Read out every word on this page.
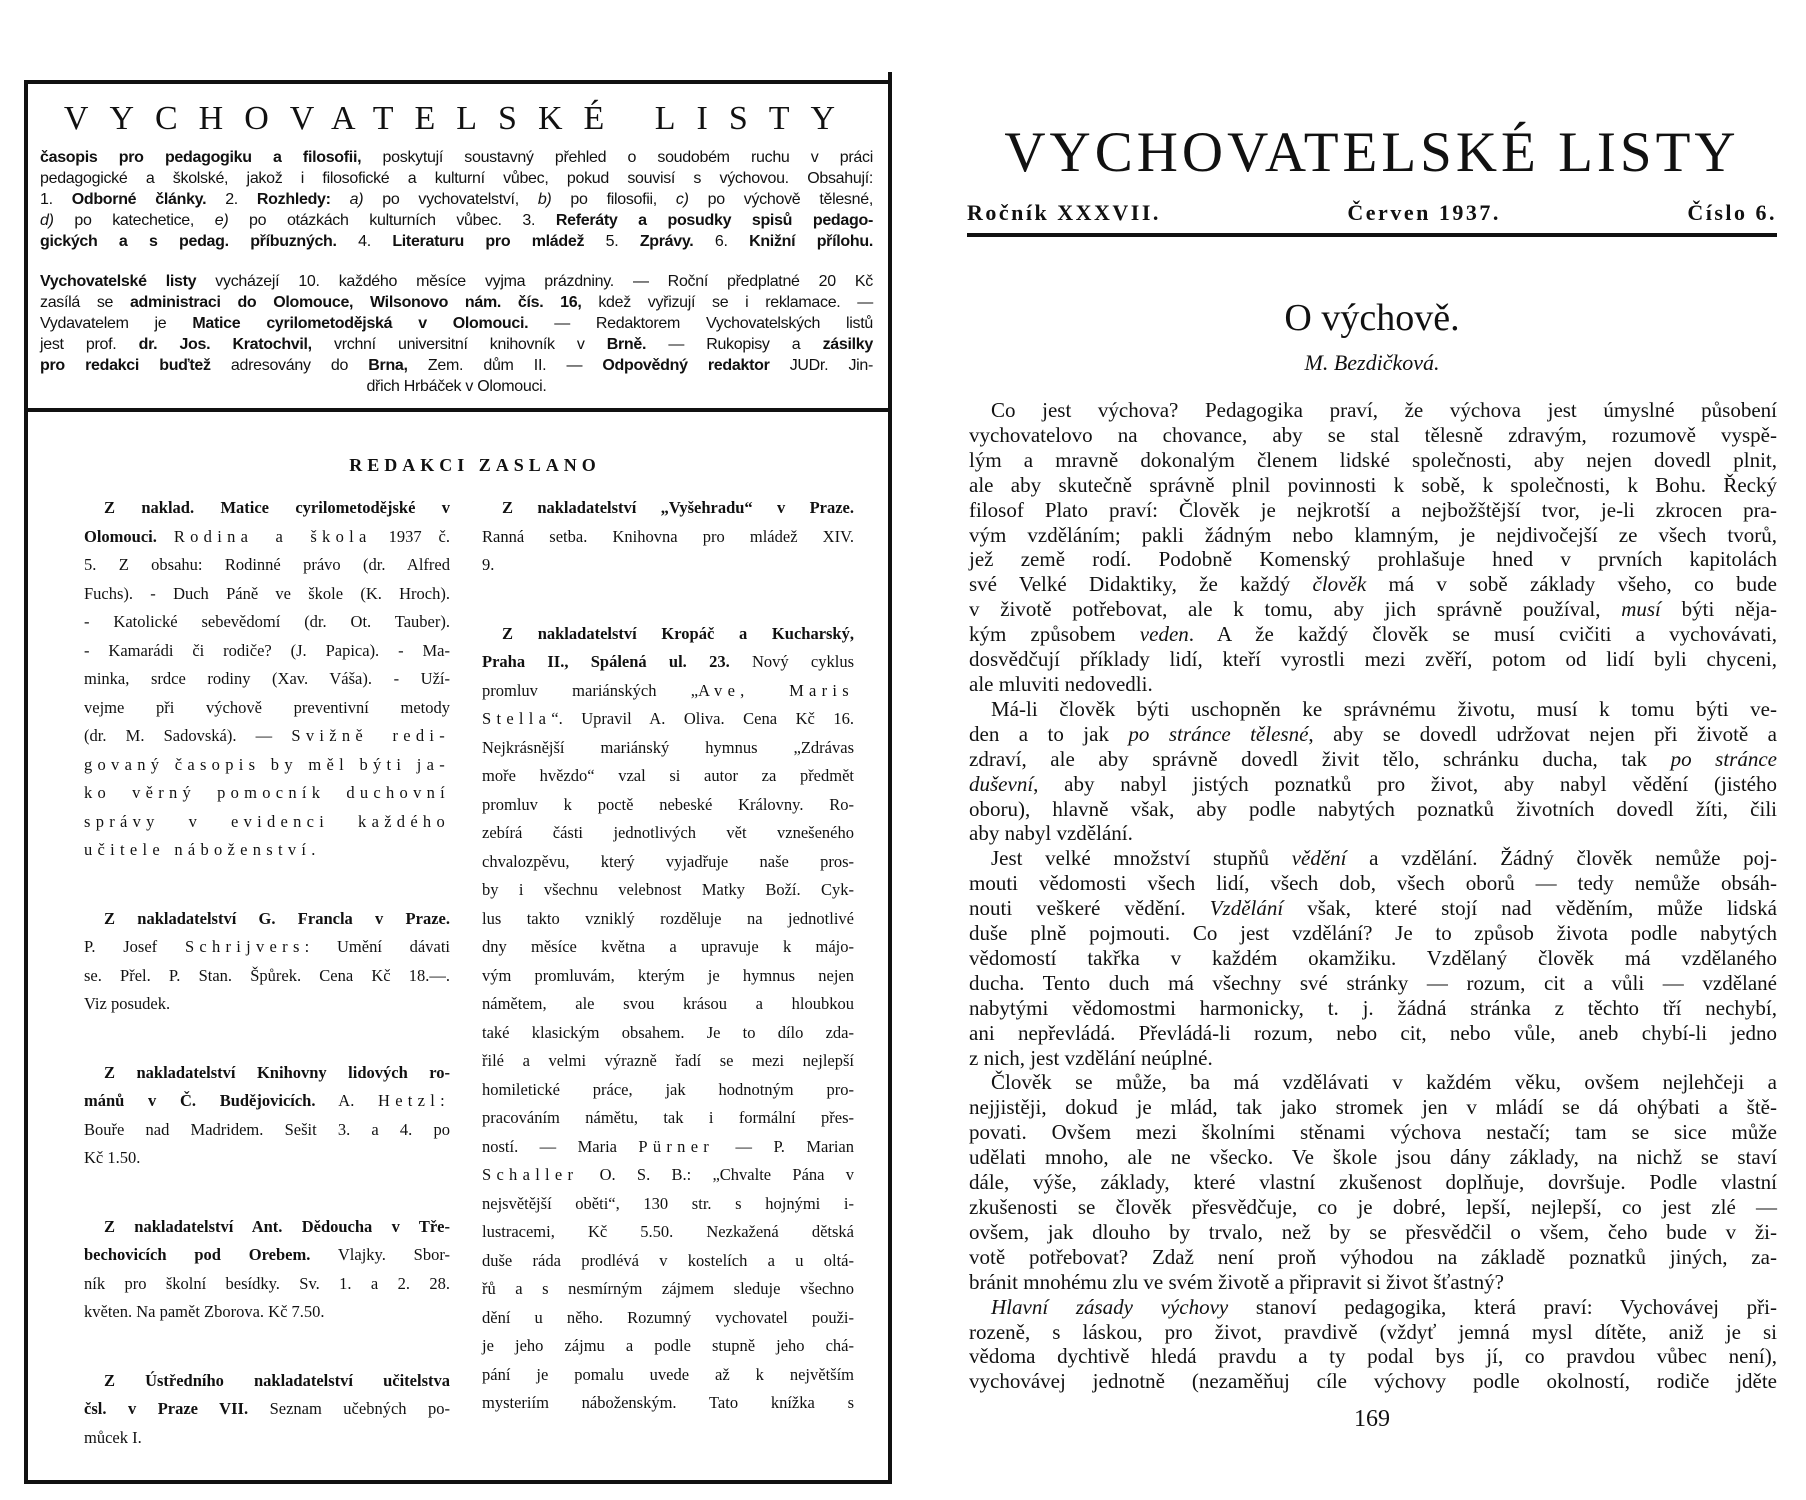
VYCHOVATELSKÉ LISTY
časopis pro pedagogiku a filosofii, poskytují soustavný přehled o soudobém ruchu v práci
pedagogické a školské, jakož i filosofické a kulturní vůbec, pokud souvisí s výchovou. Obsahují:
1. Odborné články. 2. Rozhledy: a) po vychovatelství, b) po filosofii, c) po výchově tělesné,
d) po katechetice, e) po otázkách kulturních vůbec. 3. Referáty a posudky spisů pedago-
gických a s pedag. příbuzných. 4. Literaturu pro mládež 5. Zprávy. 6. Knižní přílohu.
Vychovatelské listy vycházejí 10. každého měsíce vyjma prázdniny. — Roční předplatné 20 Kč
zasílá se administraci do Olomouce, Wilsonovo nám. čís. 16, kdež vyřizují se i reklamace. —
Vydavatelem je Matice cyrilometodějská v Olomouci. — Redaktorem Vychovatelských listů
jest prof. dr. Jos. Kratochvil, vrchní universitní knihovník v Brně. — Rukopisy a zásilky
pro redakci buďtež adresovány do Brna, Zem. dům II. — Odpovědný redaktor JUDr. Jin-
dřich Hrbáček v Olomouci.
REDAKCI ZASLANO
Z naklad. Matice cyrilometodějské v
Olomouci. Rodina a škola 1937 č.
5. Z obsahu: Rodinné právo (dr. Alfred
Fuchs). - Duch Páně ve škole (K. Hroch).
- Katolické sebevědomí (dr. Ot. Tauber).
- Kamarádi či rodiče? (J. Papica). - Ma-
minka, srdce rodiny (Xav. Váša). - Uží-
vejme při výchově preventivní metody
(dr. M. Sadovská). — Svižně redi-
govaný časopis by měl býti ja-
ko věrný pomocník duchovní
správy v evidenci každého
učitele náboženství.
Z nakladatelství G. Francla v Praze.
P. Josef Schrijvers: Umění dávati
se. Přel. P. Stan. Špůrek. Cena Kč 18.—.
Viz posudek.
Z nakladatelství Knihovny lidových ro-
mánů v Č. Budějovicích. A. Hetzl:
Bouře nad Madridem. Sešit 3. a 4. po
Kč 1.50.
Z nakladatelství Ant. Dědoucha v Tře-
bechovicích pod Orebem. Vlajky. Sbor-
ník pro školní besídky. Sv. 1. a 2. 28.
květen. Na pamět Zborova. Kč 7.50.
Z Ústředního nakladatelství učitelstva
čsl. v Praze VII. Seznam učebných po-
můcek I.
Z nakladatelství „Vyšehradu“ v Praze.
Ranná setba. Knihovna pro mládež XIV.
9.
Z nakladatelství Kropáč a Kucharský,
Praha II., Spálená ul. 23. Nový cyklus
promluv mariánských „Ave, Maris
Stella“. Upravil A. Oliva. Cena Kč 16.
Nejkrásnější mariánský hymnus „Zdrávas
moře hvězdo“ vzal si autor za předmět
promluv k poctě nebeské Královny. Ro-
zebírá části jednotlivých vět vznešeného
chvalozpěvu, který vyjadřuje naše pros-
by i všechnu velebnost Matky Boží. Cyk-
lus takto vzniklý rozděluje na jednotlivé
dny měsíce května a upravuje k májo-
vým promluvám, kterým je hymnus nejen
námětem, ale svou krásou a hloubkou
také klasickým obsahem. Je to dílo zda-
řilé a velmi výrazně řadí se mezi nejlepší
homiletické práce, jak hodnotným pro-
pracováním námětu, tak i formální přes-
ností. — Maria Pürner — P. Marian
Schaller O. S. B.: „Chvalte Pána v
nejsvětější oběti“, 130 str. s hojnými i-
lustracemi, Kč 5.50. Nezkažená dětská
duše ráda prodlévá v kostelích a u oltá-
řů a s nesmírným zájmem sleduje všechno
dění u něho. Rozumný vychovatel použi-
je jeho zájmu a podle stupně jeho chá-
pání je pomalu uvede až k největším
mysteriím náboženským. Tato knížka s
VYCHOVATELSKÉ LISTY
Ročník XXXVII.	Červen 1937.	Číslo 6.
O výchově.
M. Bezdičková.
Co jest výchova? Pedagogika praví, že výchova jest úmyslné působení
vychovatelovo na chovance, aby se stal tělesně zdravým, rozumově vyspě-
lým a mravně dokonalým členem lidské společnosti, aby nejen dovedl plnit,
ale aby skutečně správně plnil povinnosti k sobě, k společnosti, k Bohu. Řecký
filosof Plato praví: Člověk je nejkrotší a nejbožštější tvor, je-li zkrocen pra-
vým vzděláním; pakli žádným nebo klamným, je nejdivočejší ze všech tvorů,
jež země rodí. Podobně Komenský prohlašuje hned v prvních kapitolách
své Velké Didaktiky, že každý člověk má v sobě základy všeho, co bude
v životě potřebovat, ale k tomu, aby jich správně používal, musí býti něja-
kým způsobem veden. A že každý člověk se musí cvičiti a vychovávati,
dosvědčují příklady lidí, kteří vyrostli mezi zvěří, potom od lidí byli chyceni,
ale mluviti nedovedli.
Má-li člověk býti uschopněn ke správnému životu, musí k tomu býti ve-
den a to jak po stránce tělesné, aby se dovedl udržovat nejen při životě a
zdraví, ale aby správně dovedl živit tělo, schránku ducha, tak po stránce
duševní, aby nabyl jistých poznatků pro život, aby nabyl vědění (jistého
oboru), hlavně však, aby podle nabytých poznatků životních dovedl žíti, čili
aby nabyl vzdělání.
Jest velké množství stupňů vědění a vzdělání. Žádný člověk nemůže poj-
mouti vědomosti všech lidí, všech dob, všech oborů — tedy nemůže obsáh-
nouti veškeré vědění. Vzdělání však, které stojí nad věděním, může lidská
duše plně pojmouti. Co jest vzdělání? Je to způsob života podle nabytých
vědomostí takřka v každém okamžiku. Vzdělaný člověk má vzdělaného
ducha. Tento duch má všechny své stránky — rozum, cit a vůli — vzdělané
nabytými vědomostmi harmonicky, t. j. žádná stránka z těchto tří nechybí,
ani nepřevládá. Převládá-li rozum, nebo cit, nebo vůle, aneb chybí-li jedno
z nich, jest vzdělání neúplné.
Člověk se může, ba má vzdělávati v každém věku, ovšem nejlehčeji a
nejjistěji, dokud je mlád, tak jako stromek jen v mládí se dá ohýbati a ště-
povati. Ovšem mezi školními stěnami výchova nestačí; tam se sice může
udělati mnoho, ale ne všecko. Ve škole jsou dány základy, na nichž se staví
dále, výše, základy, které vlastní zkušenost doplňuje, dovršuje. Podle vlastní
zkušenosti se člověk přesvědčuje, co je dobré, lepší, nejlepší, co jest zlé —
ovšem, jak dlouho by trvalo, než by se přesvědčil o všem, čeho bude v ži-
votě potřebovat? Zdaž není proň výhodou na základě poznatků jiných, za-
bránit mnohému zlu ve svém životě a připravit si život šťastný?
Hlavní zásady výchovy stanoví pedagogika, která praví: Vychovávej při-
rozeně, s láskou, pro život, pravdivě (vždyť jemná mysl dítěte, aniž je si
vědoma dychtivě hledá pravdu a ty podal bys jí, co pravdou vůbec není),
vychovávej jednotně (nezaměňuj cíle výchovy podle okolností, rodiče jděte
169
